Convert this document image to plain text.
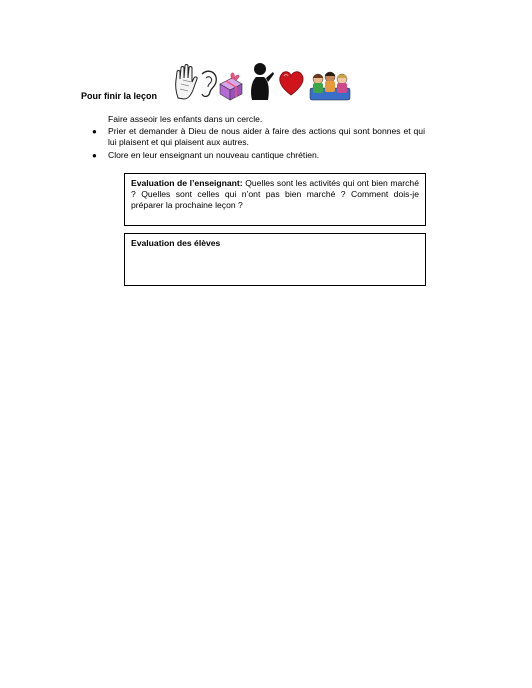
Pour finir la leçon

Faire asseoir les enfants dans un cercle.

● Prier et demander à Dieu de nous aider à faire des actions qui sont bonnes et qui lui plaisent et qui plaisent aux autres.
● Clore en leur enseignant un nouveau cantique chrétien.
Evaluation de l’enseignant: Quelles sont les activités qui ont bien marché ? Quelles sont celles qui n’ont pas bien marché ? Comment dois-je préparer la prochaine leçon ?
Evaluation des élèves
